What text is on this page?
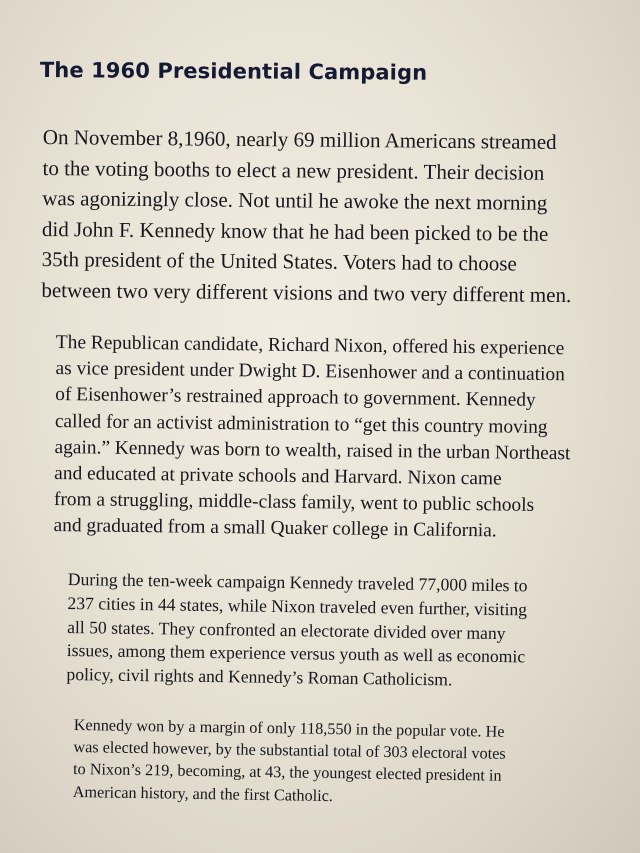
The 1960 Presidential Campaign
On November 8,1960, nearly 69 million Americans streamed
to the voting booths to elect a new president. Their decision
was agonizingly close. Not until he awoke the next morning
did John F. Kennedy know that he had been picked to be the
35th president of the United States. Voters had to choose
between two very different visions and two very different men.
The Republican candidate, Richard Nixon, offered his experience
as vice president under Dwight D. Eisenhower and a continuation
of Eisenhower’s restrained approach to government. Kennedy
called for an activist administration to “get this country moving
again.” Kennedy was born to wealth, raised in the urban Northeast
and educated at private schools and Harvard. Nixon came
from a struggling, middle-class family, went to public schools
and graduated from a small Quaker college in California.
During the ten-week campaign Kennedy traveled 77,000 miles to
237 cities in 44 states, while Nixon traveled even further, visiting
all 50 states. They confronted an electorate divided over many
issues, among them experience versus youth as well as economic
policy, civil rights and Kennedy’s Roman Catholicism.
Kennedy won by a margin of only 118,550 in the popular vote. He
was elected however, by the substantial total of 303 electoral votes
to Nixon’s 219, becoming, at 43, the youngest elected president in
American history, and the first Catholic.
